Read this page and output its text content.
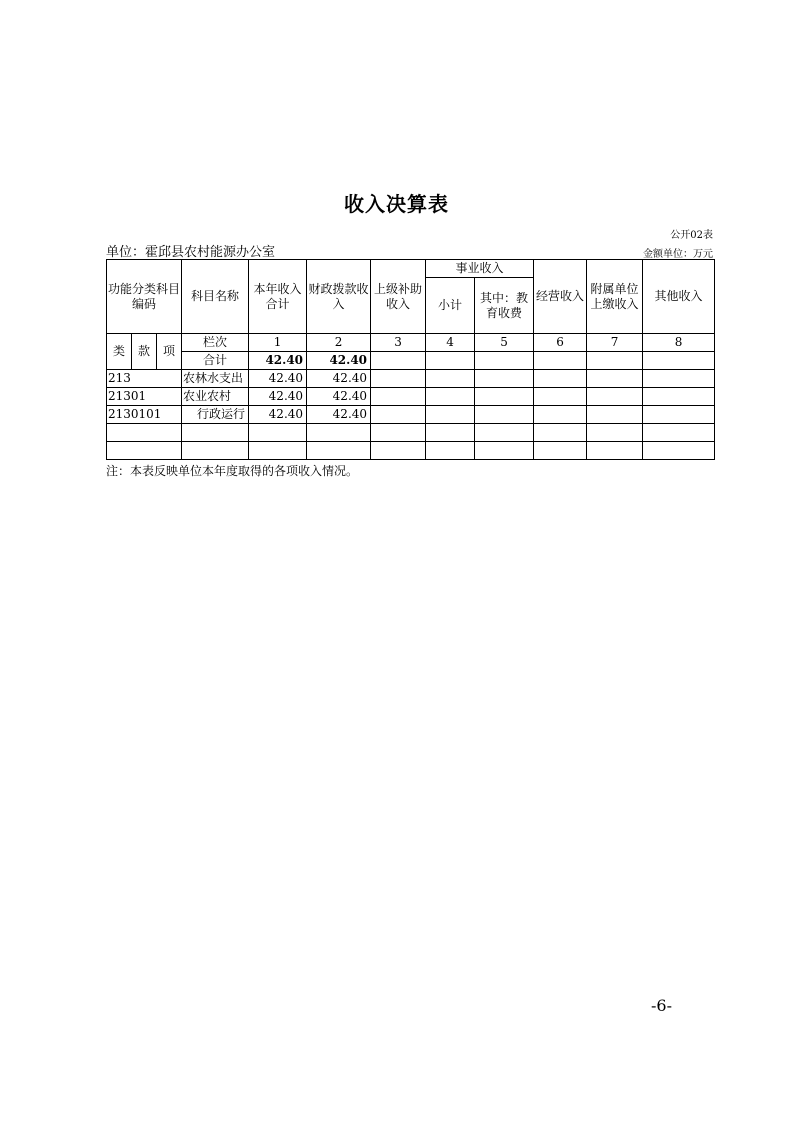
收入决算表
公开02表
单位：霍邱县农村能源办公室	金额单位：万元
功能分类科目编码			科目名称	本年收入合计	财政拨款收入	上级补助收入	事业收入		经营收入	附属单位上缴收入	其他收入
							小计	其中：教育收费			
类	款	项	栏次	1	2	3	4	5	6	7	8
			合计	42.40	42.40						
213			农林水支出	42.40	42.40						
21301			农业农村	42.40	42.40						
2130101			行政运行	42.40	42.40						

注：本表反映单位本年度取得的各项收入情况。
-6-
